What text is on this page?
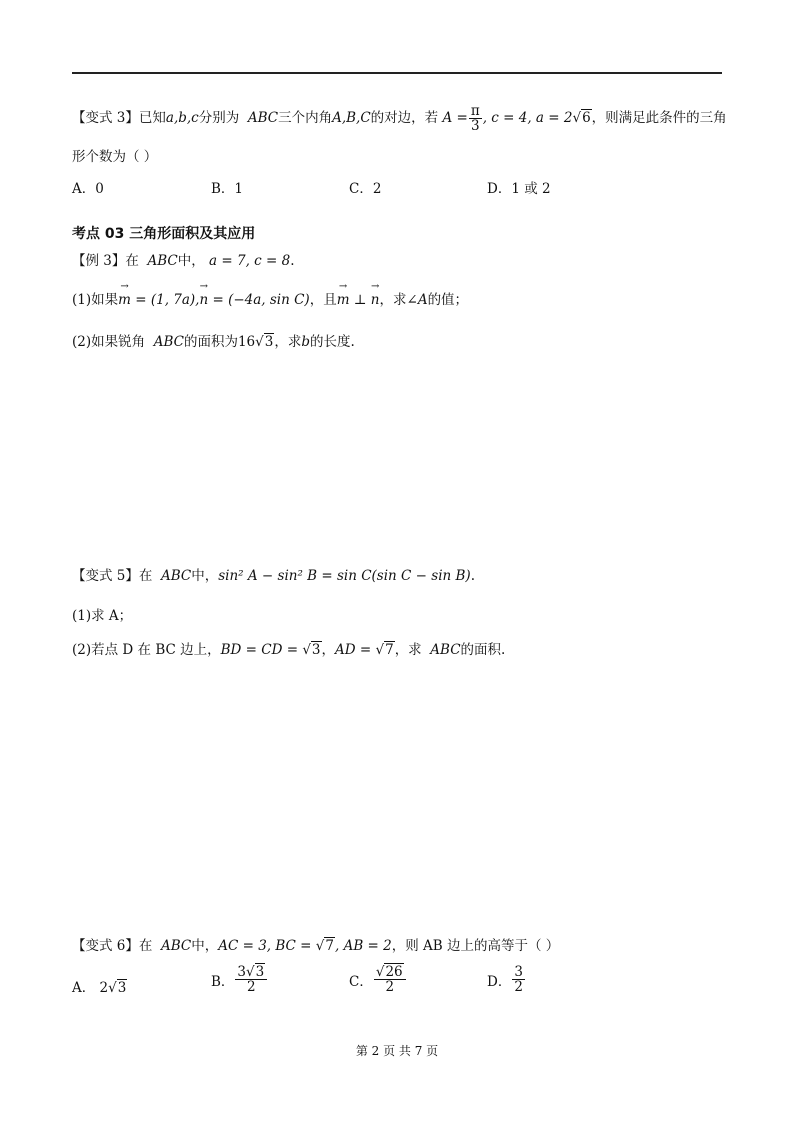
【变式 3】已知a,b,c分别为 ABC三个内角A,B,C的对边，若 $A = \frac{\pi}{3}$ , c = 4, a = 2√6，则满足此条件的三角
形个数为（ ）
A．0	B．1	C．2	D．1 或 2
考点 03 三角形面积及其应用
【例 3】在 ABC中， a = 7, c = 8.
(1)如果→ m = (1, 7a),→ n = (−4a, sin C)，且→ m ⊥ → n，求∠A的值；
(2)如果锐角 ABC的面积为16√3，求b的长度.
【变式 5】在 ABC中，sin² A − sin² B = sin C(sin C − sin B).
(1)求 A；
(2)若点 D 在 BC 边上，BD = CD = √3，AD = √7，求 ABC的面积.
【变式 6】在 ABC中，AC = 3, BC = √7, AB = 2，则 AB 边上的高等于（ ）
A． 2√3	B． $\frac{3√3}{2}$	C． $\frac{√26}{2}$	D． $\frac{3}{2}$
第 2 页 共 7 页
